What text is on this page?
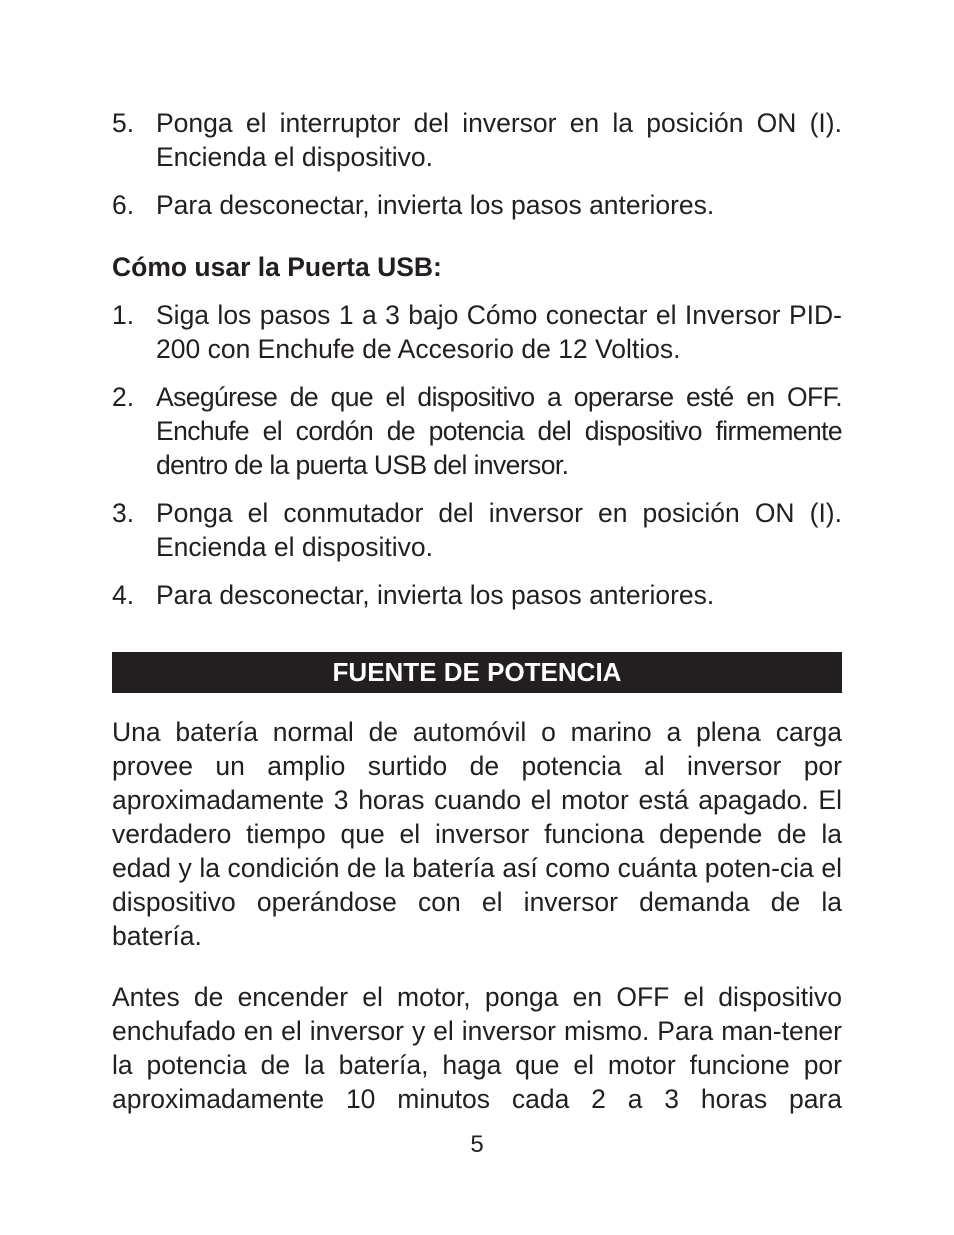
5. Ponga el interruptor del inversor en la posición ON (I). Encienda el dispositivo.
6. Para desconectar, invierta los pasos anteriores.
Cómo usar la Puerta USB:
1. Siga los pasos 1 a 3 bajo Cómo conectar el Inversor PID-200 con Enchufe de Accesorio de 12 Voltios.
2. Asegúrese de que el dispositivo a operarse esté en OFF. Enchufe el cordón de potencia del dispositivo firmemente dentro de la puerta USB del inversor.
3. Ponga el conmutador del inversor en posición ON (I). Encienda el dispositivo.
4. Para desconectar, invierta los pasos anteriores.
FUENTE DE POTENCIA

Una batería normal de automóvil o marino a plena carga provee un amplio surtido de potencia al inversor por aproximadamente 3 horas cuando el motor está apagado. El verdadero tiempo que el inversor funciona depende de la edad y la condición de la batería así como cuánta poten-cia el dispositivo operándose con el inversor demanda de la batería.

Antes de encender el motor, ponga en OFF el dispositivo enchufado en el inversor y el inversor mismo. Para man-tener la potencia de la batería, haga que el motor funcione por aproximadamente 10 minutos cada 2 a 3 horas para

5
